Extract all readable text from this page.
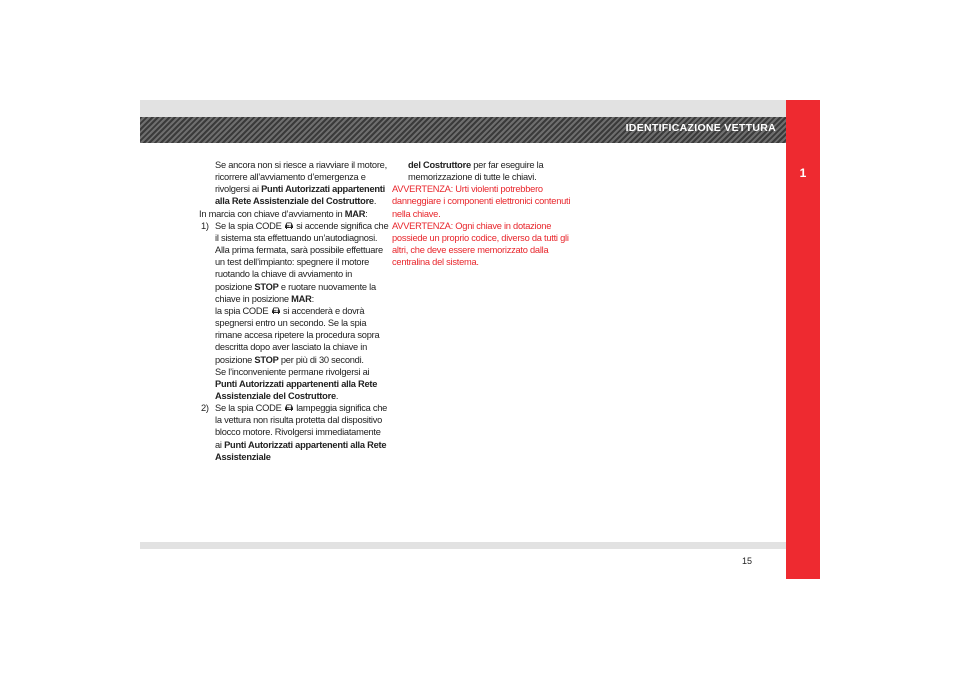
IDENTIFICAZIONE VETTURA
1
15

Se ancora non si riesce a riavviare il motore, ricorrere all’avviamento d’emergenza e rivolgersi ai Punti Autorizzati appartenenti alla Rete Assistenziale del Costruttore.

In marcia con chiave d’avviamento in MAR:

1) Se la spia CODE  si accende significa che il sistema sta effettuando un’autodiagnosi. Alla prima fermata, sarà possibile effettuare un test dell’impianto: spegnere il motore ruotando la chiave di avviamento in posizione STOP e ruotare nuovamente la chiave in posizione MAR:

la spia CODE  si accenderà e dovrà spegnersi entro un secondo. Se la spia rimane accesa ripetere la procedura sopra descritta dopo aver lasciato la chiave in posizione STOP per più di 30 secondi.

Se l’inconveniente permane rivolgersi ai Punti Autorizzati appartenenti alla Rete Assistenziale del Costruttore.

2) Se la spia CODE  lampeggia significa che la vettura non risulta protetta dal dispositivo blocco motore. Rivolgersi immediatamente ai Punti Autorizzati appartenenti alla Rete Assistenziale

del Costruttore per far eseguire la memorizzazione di tutte le chiavi.

AVVERTENZA: Urti violenti potrebbero danneggiare i componenti elettronici contenuti nella chiave.

AVVERTENZA: Ogni chiave in dotazione possiede un proprio codice, diverso da tutti gli altri, che deve essere memorizzato dalla centralina del sistema.
